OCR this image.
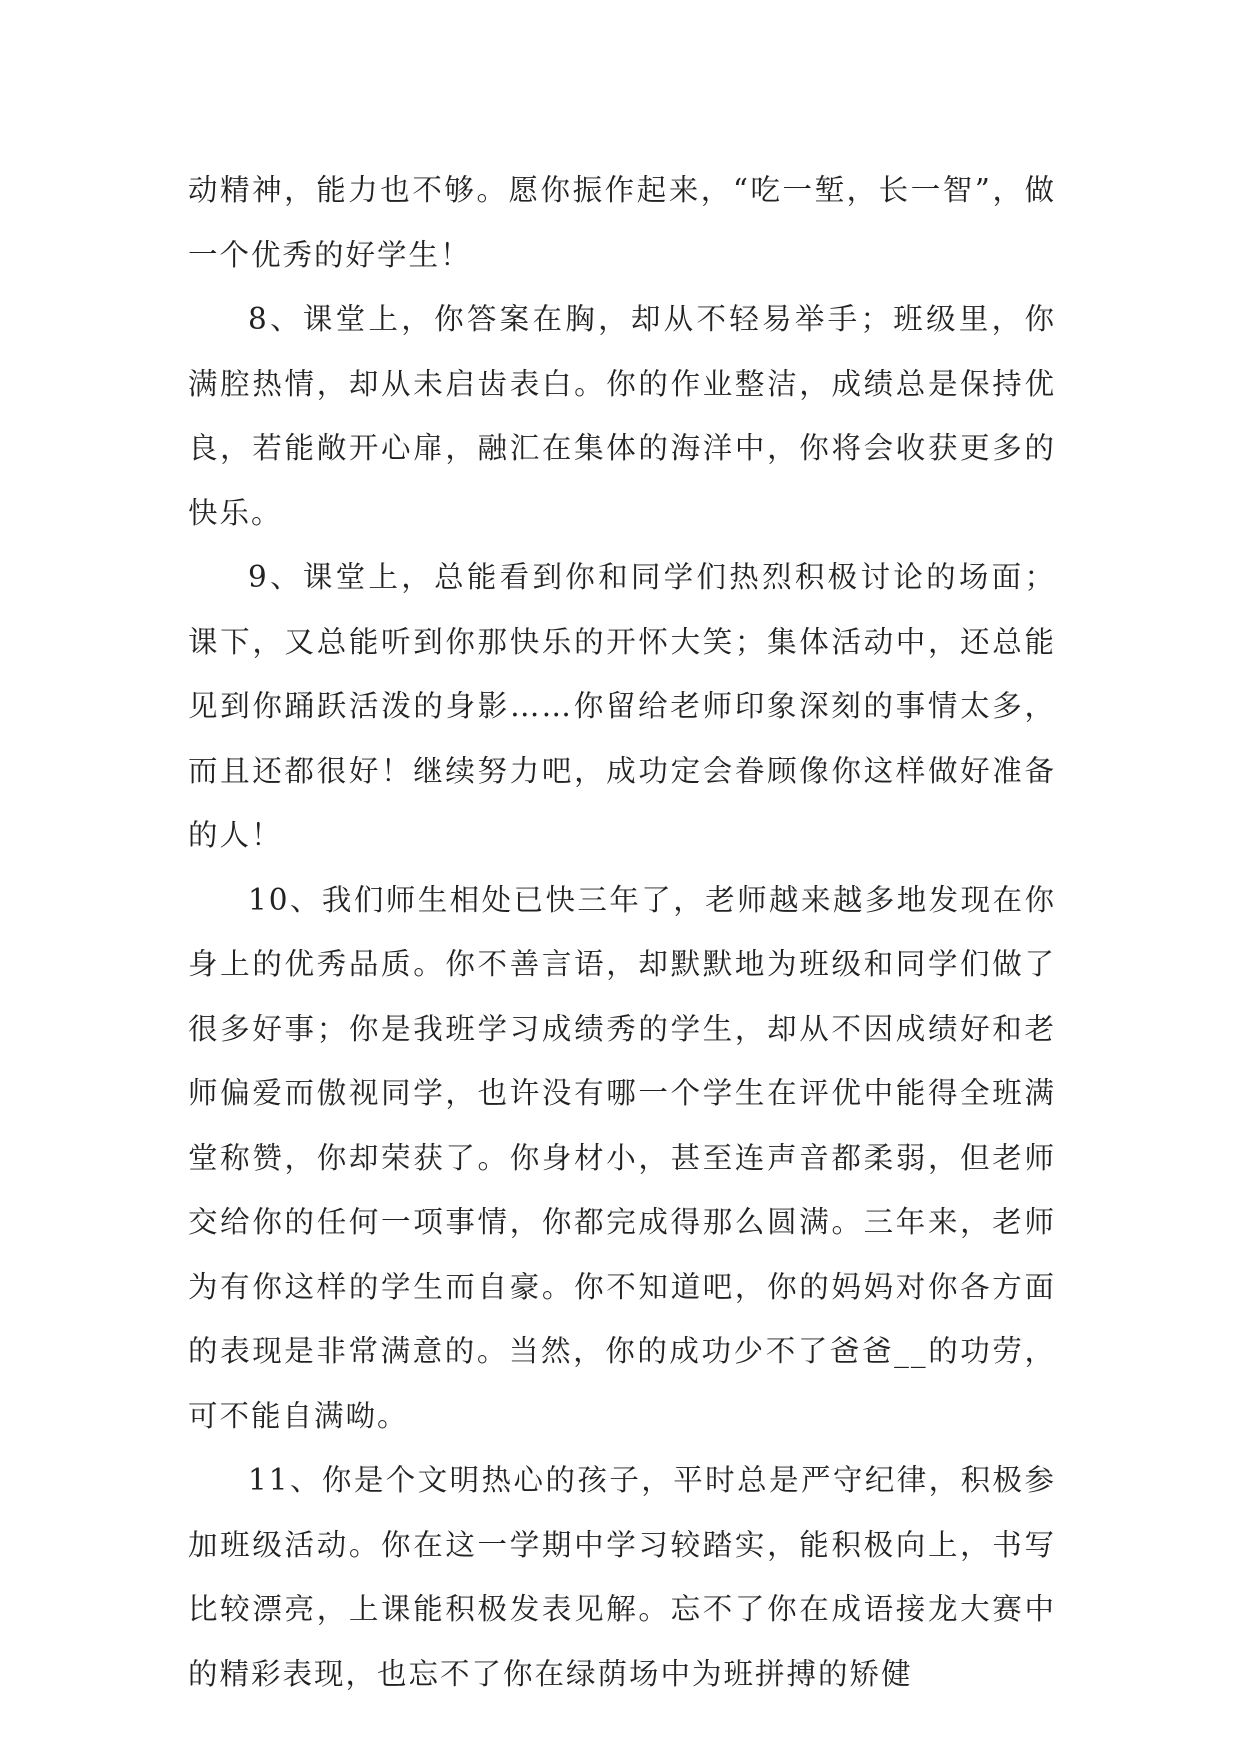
动精神，能力也不够。愿你振作起来，“吃一堑，长一智”，做一个优秀的好学生！

8、课堂上，你答案在胸，却从不轻易举手；班级里，你满腔热情，却从未启齿表白。你的作业整洁，成绩总是保持优良，若能敞开心扉，融汇在集体的海洋中，你将会收获更多的快乐。

9、课堂上，总能看到你和同学们热烈积极讨论的场面；课下，又总能听到你那快乐的开怀大笑；集体活动中，还总能见到你踊跃活泼的身影……你留给老师印象深刻的事情太多，而且还都很好！继续努力吧，成功定会眷顾像你这样做好准备的人！

10、我们师生相处已快三年了，老师越来越多地发现在你身上的优秀品质。你不善言语，却默默地为班级和同学们做了很多好事；你是我班学习成绩秀的学生，却从不因成绩好和老师偏爱而傲视同学，也许没有哪一个学生在评优中能得全班满堂称赞，你却荣获了。你身材小，甚至连声音都柔弱，但老师交给你的任何一项事情，你都完成得那么圆满。三年来，老师为有你这样的学生而自豪。你不知道吧，你的妈妈对你各方面的表现是非常满意的。当然，你的成功少不了爸爸__的功劳，可不能自满呦。

11、你是个文明热心的孩子，平时总是严守纪律，积极参加班级活动。你在这一学期中学习较踏实，能积极向上，书写比较漂亮，上课能积极发表见解。忘不了你在成语接龙大赛中的精彩表现，也忘不了你在绿荫场中为班拼搏的矫健
